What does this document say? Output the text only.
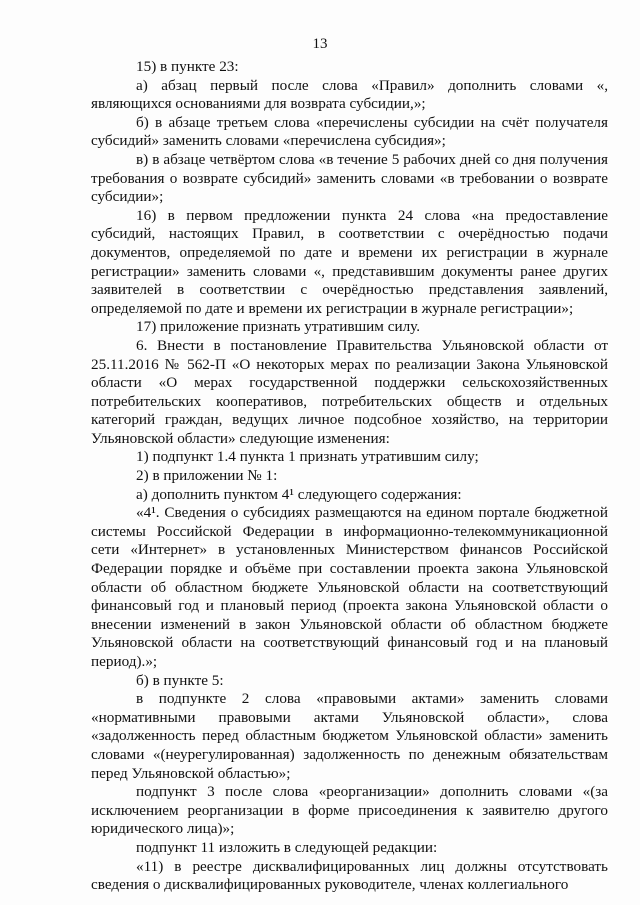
13

15) в пункте 23:

а) абзац первый после слова «Правил» дополнить словами «, являющихся основаниями для возврата субсидии,»;

б) в абзаце третьем слова «перечислены субсидии на счёт получателя субсидий» заменить словами «перечислена субсидия»;

в) в абзаце четвёртом слова «в течение 5 рабочих дней со дня получения требования о возврате субсидий» заменить словами «в требовании о возврате субсидии»;

16) в первом предложении пункта 24 слова «на предоставление субсидий, настоящих Правил, в соответствии с очерёдностью подачи документов, определяемой по дате и времени их регистрации в журнале регистрации» заменить словами «, представившим документы ранее других заявителей в соответствии с очерёдностью представления заявлений, определяемой по дате и времени их регистрации в журнале регистрации»;

17) приложение признать утратившим силу.

6. Внести в постановление Правительства Ульяновской области от 25.11.2016 № 562-П «О некоторых мерах по реализации Закона Ульяновской области «О мерах государственной поддержки сельскохозяйственных потребительских кооперативов, потребительских обществ и отдельных категорий граждан, ведущих личное подсобное хозяйство, на территории Ульяновской области» следующие изменения:

1) подпункт 1.4 пункта 1 признать утратившим силу;

2) в приложении № 1:

а) дополнить пунктом 4¹ следующего содержания:

«4¹. Сведения о субсидиях размещаются на едином портале бюджетной системы Российской Федерации в информационно-телекоммуникационной сети «Интернет» в установленных Министерством финансов Российской Федерации порядке и объёме при составлении проекта закона Ульяновской области об областном бюджете Ульяновской области на соответствующий финансовый год и плановый период (проекта закона Ульяновской области о внесении изменений в закон Ульяновской области об областном бюджете Ульяновской области на соответствующий финансовый год и на плановый период).»;

б) в пункте 5:

в подпункте 2 слова «правовыми актами» заменить словами «нормативными правовыми актами Ульяновской области», слова «задолженность перед областным бюджетом Ульяновской области» заменить словами «(неурегулированная) задолженность по денежным обязательствам перед Ульяновской областью»;

подпункт 3 после слова «реорганизации» дополнить словами «(за исключением реорганизации в форме присоединения к заявителю другого юридического лица)»;

подпункт 11 изложить в следующей редакции:

«11) в реестре дисквалифицированных лиц должны отсутствовать сведения о дисквалифицированных руководителе, членах коллегиального
